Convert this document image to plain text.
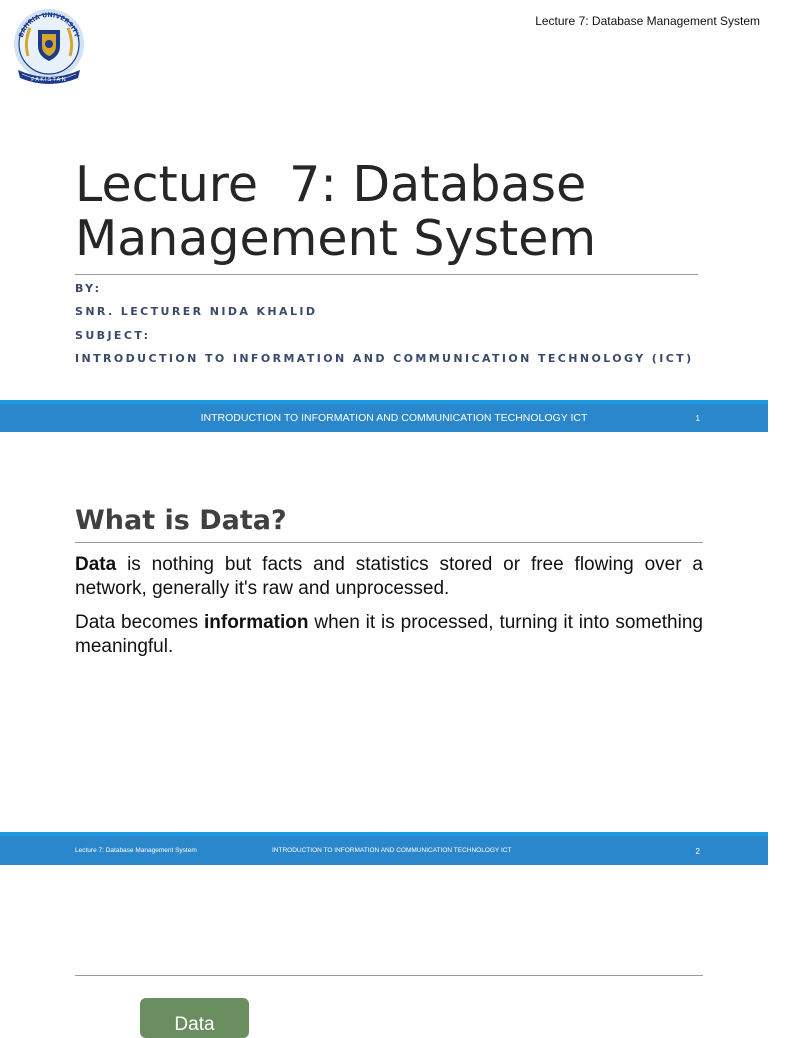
BAHRIA UNIVERSITY
PAKISTAN
Lecture 7: Database Management System
Lecture  7: Database
Management System
BY:
SNR. LECTURER NIDA KHALID
SUBJECT:
INTRODUCTION TO INFORMATION AND COMMUNICATION TECHNOLOGY (ICT)
INTRODUCTION TO INFORMATION AND COMMUNICATION TECHNOLOGY ICT	1
What is Data?

Data is nothing but facts and statistics stored or free flowing over a network, generally it's raw and unprocessed.

Data becomes information when it is processed, turning it into something meaningful.

Lecture 7: Database Management System	INTRODUCTION TO INFORMATION AND COMMUNICATION TECHNOLOGY ICT	2
Data
